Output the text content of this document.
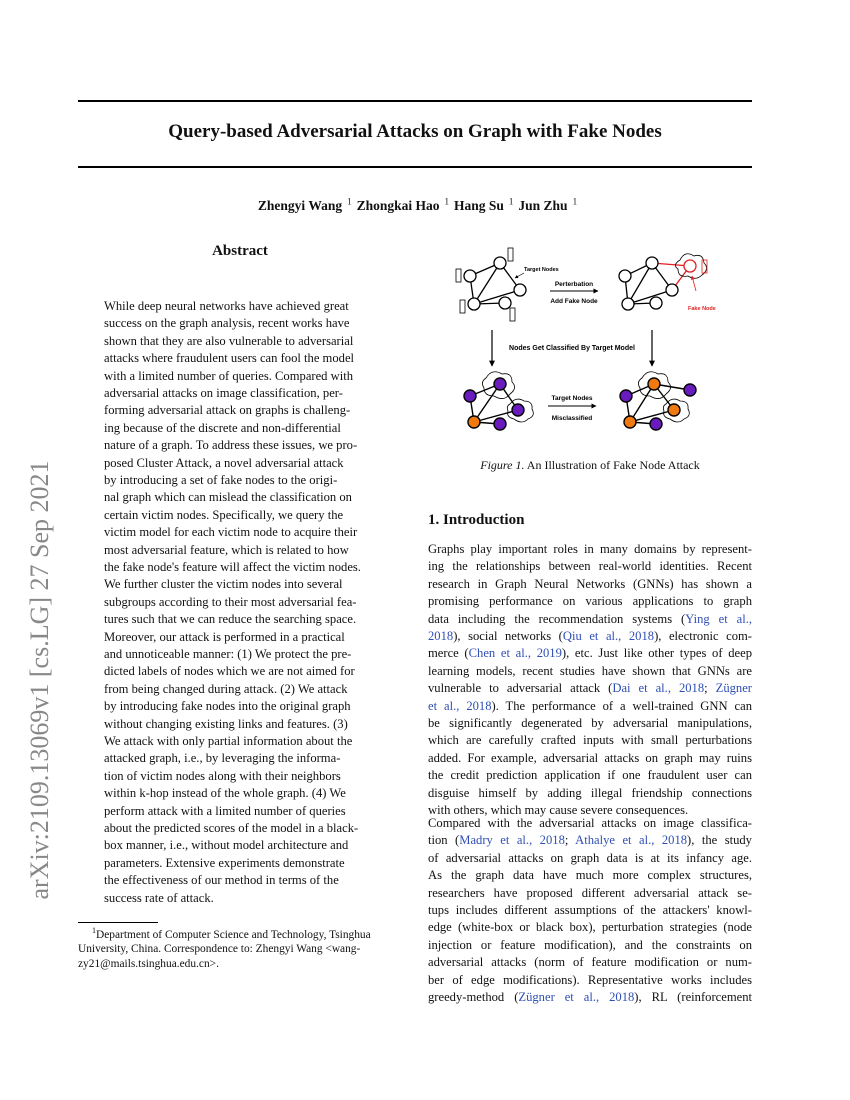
Query-based Adversarial Attacks on Graph with Fake Nodes
Zhengyi Wang $^1$ Zhongkai Hao $^1$ Hang Su $^1$ Jun Zhu $^1$
arXiv:2109.13069v1 [cs.LG] 27 Sep 2021
Abstract
While deep neural networks have achieved great
success on the graph analysis, recent works have
shown that they are also vulnerable to adversarial
attacks where fraudulent users can fool the model
with a limited number of queries. Compared with
adversarial attacks on image classification, per-
forming adversarial attack on graphs is challeng-
ing because of the discrete and non-differential
nature of a graph. To address these issues, we pro-
posed Cluster Attack, a novel adversarial attack
by introducing a set of fake nodes to the origi-
nal graph which can mislead the classification on
certain victim nodes. Specifically, we query the
victim model for each victim node to acquire their
most adversarial feature, which is related to how
the fake node's feature will affect the victim nodes.
We further cluster the victim nodes into several
subgroups according to their most adversarial fea-
tures such that we can reduce the searching space.
Moreover, our attack is performed in a practical
and unnoticeable manner: (1) We protect the pre-
dicted labels of nodes which we are not aimed for
from being changed during attack. (2) We attack
by introducing fake nodes into the original graph
without changing existing links and features. (3)
We attack with only partial information about the
attacked graph, i.e., by leveraging the informa-
tion of victim nodes along with their neighbors
within k-hop instead of the whole graph. (4) We
perform attack with a limited number of queries
about the predicted scores of the model in a black-
box manner, i.e., without model architecture and
parameters. Extensive experiments demonstrate
the effectiveness of our method in terms of the
success rate of attack.
Target Nodes
Perterbation
Add Fake Node
Fake Node
Nodes Get Classified By Target Model
Target Nodes
Misclassified
Figure 1. An Illustration of Fake Node Attack
1. Introduction
Graphs play important roles in many domains by represent-
ing the relationships between real-world identities. Recent
research in Graph Neural Networks (GNNs) has shown a
promising performance on various applications to graph
data including the recommendation systems (Ying et al.,
2018), social networks (Qiu et al., 2018), electronic com-
merce (Chen et al., 2019), etc. Just like other types of deep
learning models, recent studies have shown that GNNs are
vulnerable to adversarial attack (Dai et al., 2018; Zügner
et al., 2018). The performance of a well-trained GNN can
be significantly degenerated by adversarial manipulations,
which are carefully crafted inputs with small perturbations
added. For example, adversarial attacks on graph may ruins
the credit prediction application if one fraudulent user can
disguise himself by adding illegal friendship connections
with others, which may cause severe consequences.
Compared with the adversarial attacks on image classifica-
tion (Madry et al., 2018; Athalye et al., 2018), the study
of adversarial attacks on graph data is at its infancy age.
As the graph data have much more complex structures,
researchers have proposed different adversarial attack se-
tups includes different assumptions of the attackers' knowl-
edge (white-box or black box), perturbation strategies (node
injection or feature modification), and the constraints on
adversarial attacks (norm of feature modification or num-
ber of edge modifications). Representative works includes
greedy-method (Zügner et al., 2018), RL (reinforcement
$^1$Department of Computer Science and Technology, Tsinghua University, China. Correspondence to: Zhengyi Wang <wang-zy21@mails.tsinghua.edu.cn>.
